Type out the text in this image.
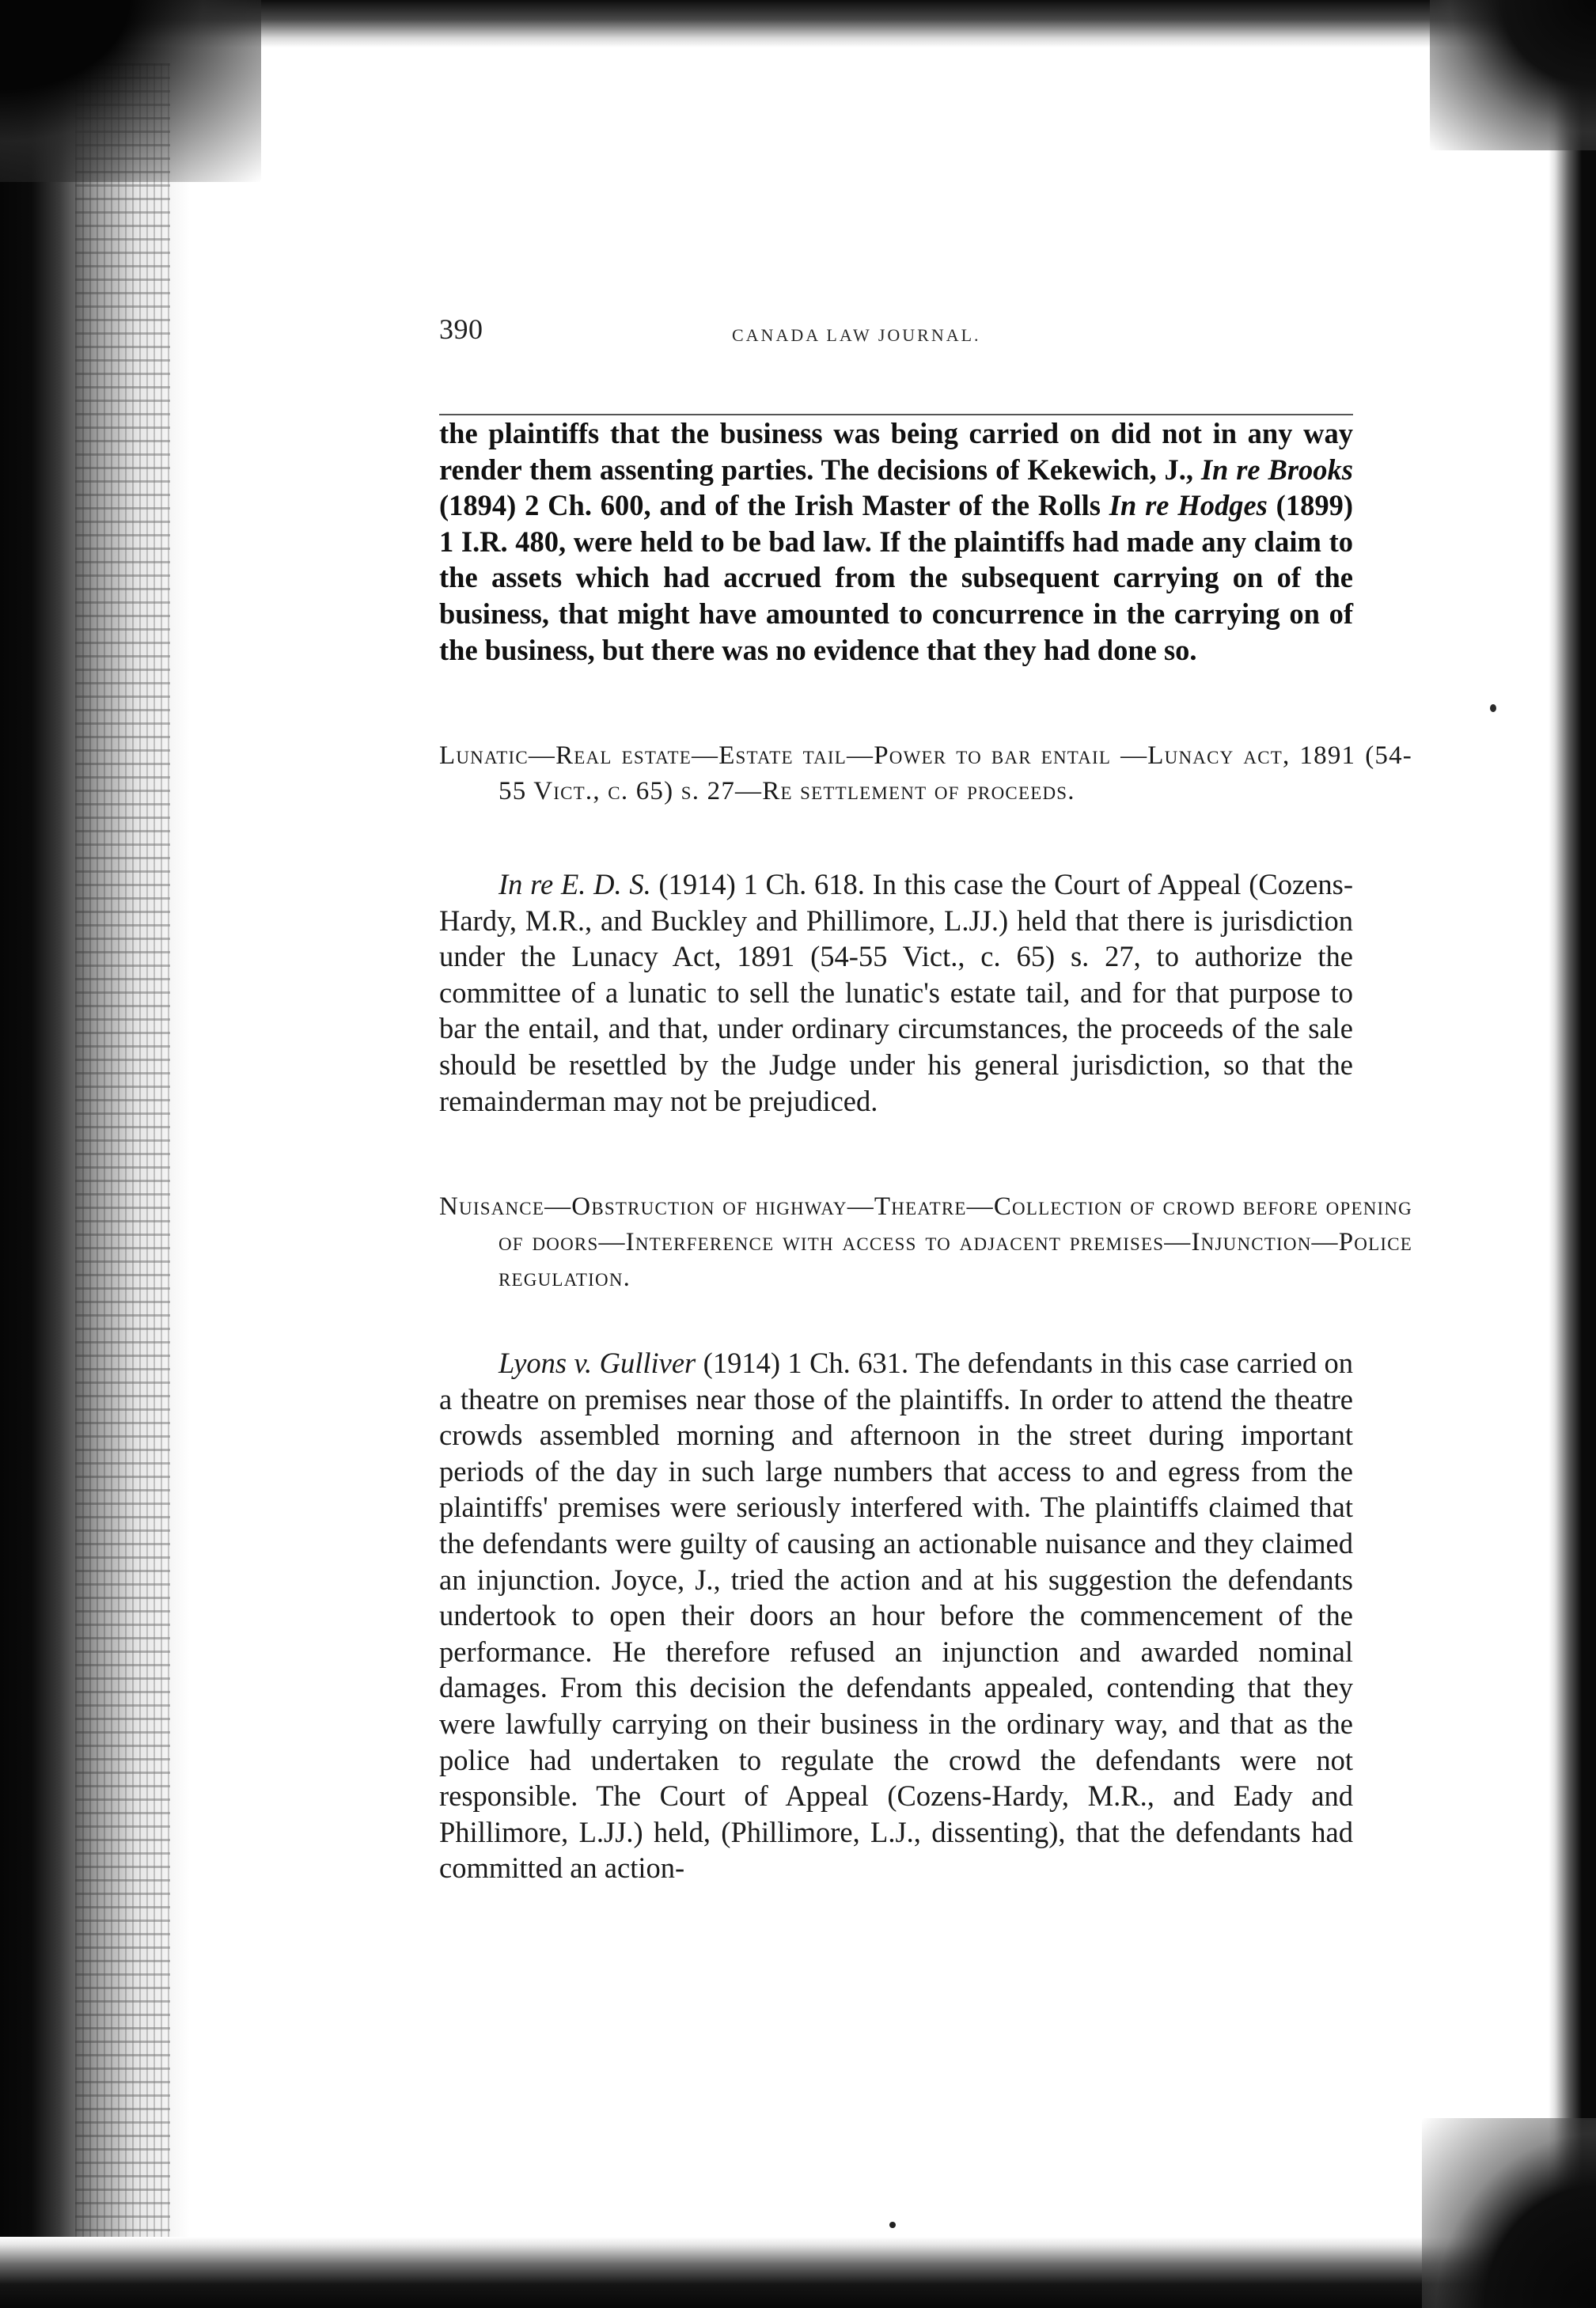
390	CANADA LAW JOURNAL.

the plaintiffs that the business was being carried on did not in any way render them assenting parties. The decisions of Kekewich, J., In re Brooks (1894) 2 Ch. 600, and of the Irish Master of the Rolls In re Hodges (1899) 1 I.R. 480, were held to be bad law. If the plaintiffs had made any claim to the assets which had accrued from the subsequent carrying on of the business, that might have amounted to concurrence in the carrying on of the business, but there was no evidence that they had done so.

Lunatic—Real estate—Estate tail—Power to bar entail —Lunacy act, 1891 (54-55 Vict., c. 65) s. 27—Re settlement of proceeds.

In re E. D. S. (1914) 1 Ch. 618. In this case the Court of Appeal (Cozens-Hardy, M.R., and Buckley and Phillimore, L.JJ.) held that there is jurisdiction under the Lunacy Act, 1891 (54-55 Vict., c. 65) s. 27, to authorize the committee of a lunatic to sell the lunatic's estate tail, and for that purpose to bar the entail, and that, under ordinary circumstances, the proceeds of the sale should be resettled by the Judge under his general jurisdiction, so that the remainderman may not be prejudiced.

Nuisance—Obstruction of highway—Theatre—Collection of crowd before opening of doors—Interference with access to adjacent premises—Injunction—Police regulation.

Lyons v. Gulliver (1914) 1 Ch. 631. The defendants in this case carried on a theatre on premises near those of the plaintiffs. In order to attend the theatre crowds assembled morning and afternoon in the street during important periods of the day in such large numbers that access to and egress from the plaintiffs' premises were seriously interfered with. The plaintiffs claimed that the defendants were guilty of causing an actionable nuisance and they claimed an injunction. Joyce, J., tried the action and at his suggestion the defendants undertook to open their doors an hour before the commencement of the performance. He therefore refused an injunction and awarded nominal damages. From this decision the defendants appealed, contending that they were lawfully carrying on their business in the ordinary way, and that as the police had undertaken to regulate the crowd the defendants were not responsible. The Court of Appeal (Cozens-Hardy, M.R., and Eady and Phillimore, L.JJ.) held, (Phillimore, L.J., dissenting), that the defendants had committed an action-
